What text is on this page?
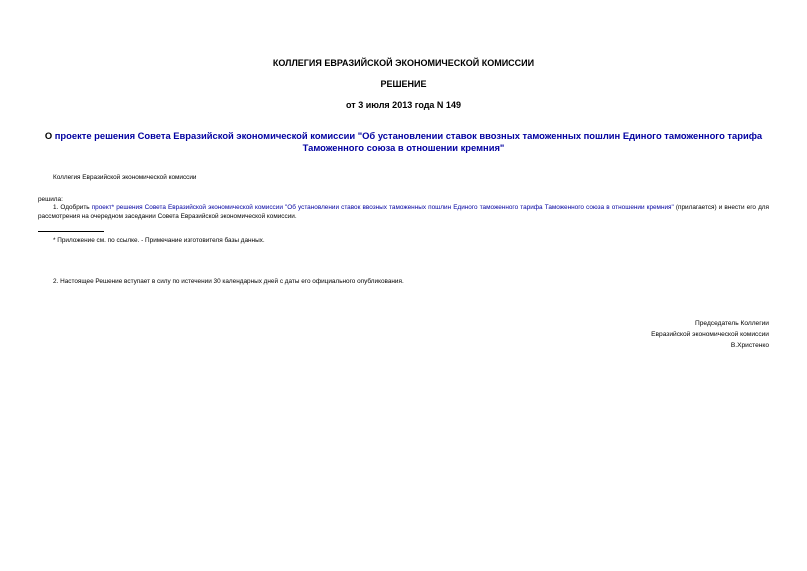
КОЛЛЕГИЯ ЕВРАЗИЙСКОЙ ЭКОНОМИЧЕСКОЙ КОМИССИИ
РЕШЕНИЕ
от 3 июля 2013 года N 149
О проекте решения Совета Евразийской экономической комиссии "Об установлении ставок ввозных таможенных пошлин Единого таможенного тарифа
Таможенного союза в отношении кремния"
Коллегия Евразийской экономической комиссии
решила:
1. Одобрить проект* решения Совета Евразийской экономической комиссии "Об установлении ставок ввозных таможенных пошлин Единого таможенного тарифа Таможенного союза в отношении кремния" (прилагается) и внести его для рассмотрения на очередном заседании Совета Евразийской экономической комиссии.
* Приложение см. по ссылке. - Примечание изготовителя базы данных.
2. Настоящее Решение вступает в силу по истечении 30 календарных дней с даты его официального опубликования.
Председатель Коллегии
Евразийской экономической комиссии
В.Христенко
